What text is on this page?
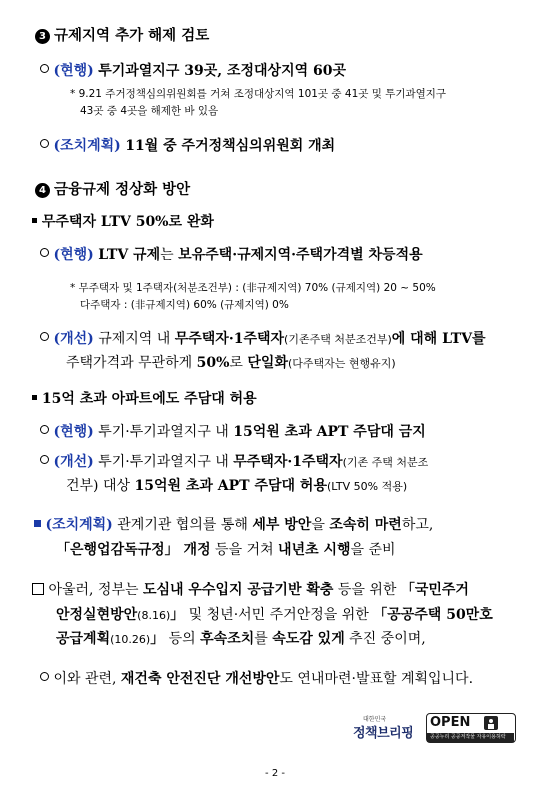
3 규제지역 추가 해제 검토
(현행) 투기과열지구 39곳, 조정대상지역 60곳
* 9.21 주거정책심의위원회를 거쳐 조정대상지역 101곳 중 41곳 및 투기과열지구
43곳 중 4곳을 해제한 바 있음
(조치계획) 11월 중 주거정책심의위원회 개최
4 금융규제 정상화 방안
무주택자 LTV 50%로 완화
(현행) LTV 규제는 보유주택·규제지역·주택가격별 차등적용
* 무주택자 및 1주택자(처분조건부) : (非규제지역) 70% (규제지역) 20 ~ 50%
다주택자 : (非규제지역) 60% (규제지역) 0%
(개선) 규제지역 내 무주택자·1주택자(기존주택 처분조건부)에 대해 LTV를
주택가격과 무관하게 50%로 단일화(다주택자는 현행유지)
15억 초과 아파트에도 주담대 허용
(현행) 투기·투기과열지구 내 15억원 초과 APT 주담대 금지
(개선) 투기·투기과열지구 내 무주택자·1주택자(기존 주택 처분조
건부) 대상 15억원 초과 APT 주담대 허용(LTV 50% 적용)
(조치계획) 관계기관 협의를 통해 세부 방안을 조속히 마련하고,
「은행업감독규정」 개정 등을 거쳐 내년초 시행을 준비
아울러, 정부는 도심내 우수입지 공급기반 확충 등을 위한 「국민주거
안정실현방안(8.16)」 및 청년·서민 주거안정을 위한 「공공주택 50만호
공급계획(10.26)」 등의 후속조치를 속도감 있게 추진 중이며,
이와 관련, 재건축 안전진단 개선방안도 연내마련·발표할 계획입니다.
대한민국
정책브리핑
OPEN
공공누리 공공저작물 자유이용허락
- 2 -
